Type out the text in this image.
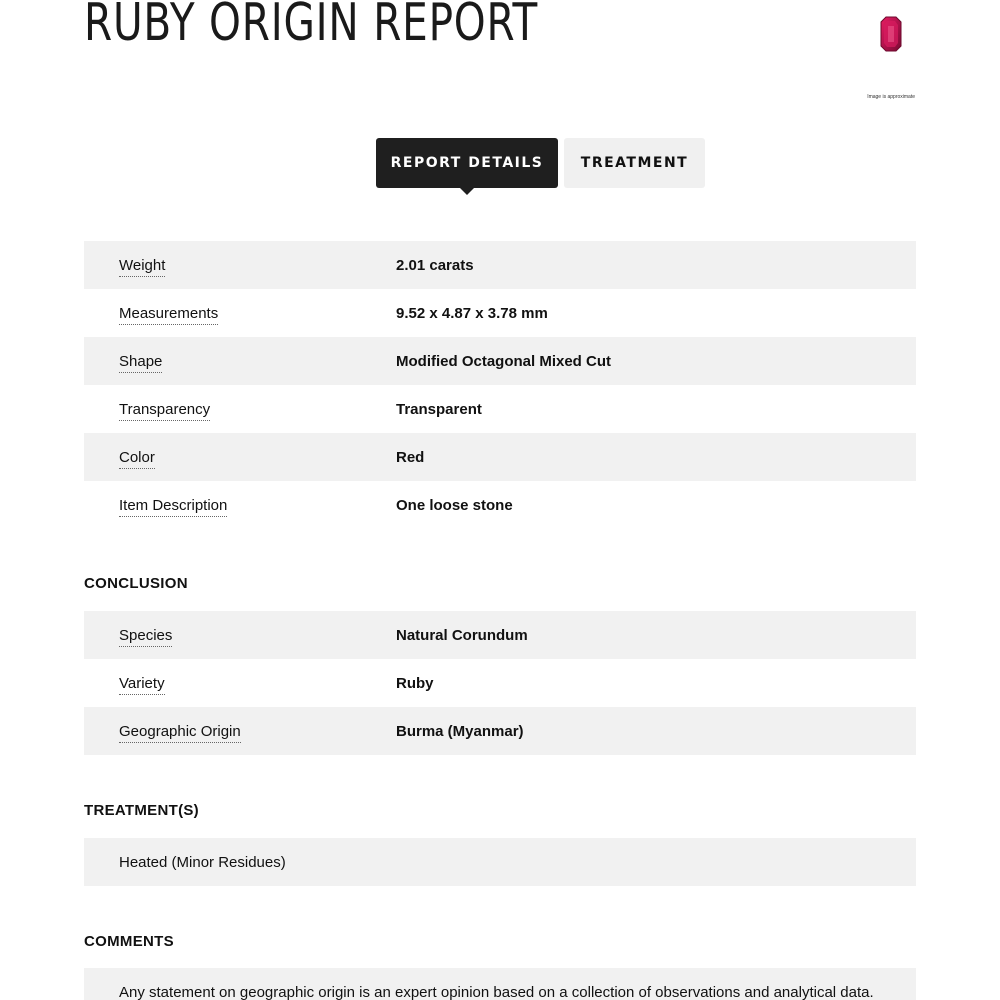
RUBY ORIGIN REPORT
Image is approximate
REPORT DETAILS	TREATMENT
Weight	2.01 carats
Measurements	9.52 x 4.87 x 3.78 mm
Shape	Modified Octagonal Mixed Cut
Transparency	Transparent
Color	Red
Item Description	One loose stone
CONCLUSION
Species	Natural Corundum
Variety	Ruby
Geographic Origin	Burma (Myanmar)
TREATMENT(S)
Heated (Minor Residues)
COMMENTS
Any statement on geographic origin is an expert opinion based on a collection of observations and analytical data.
